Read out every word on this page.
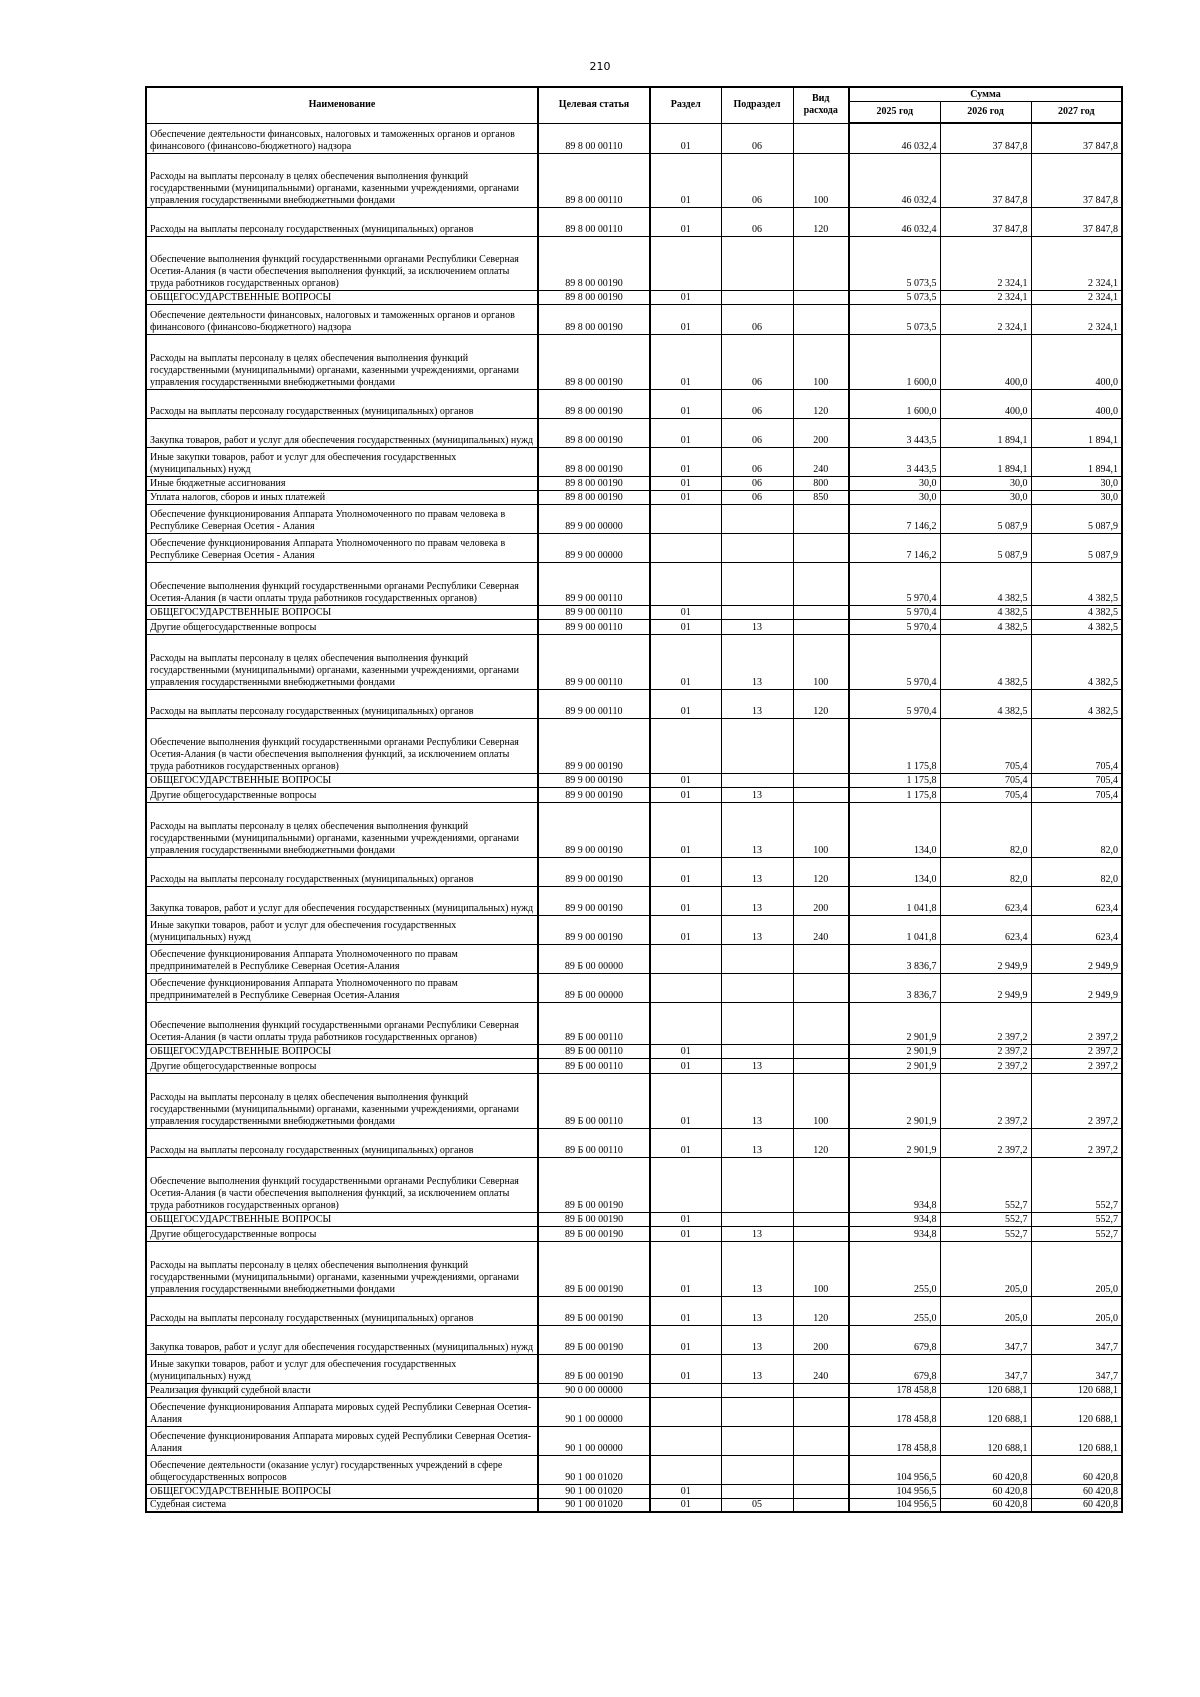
210
Наименование	Целевая статья	Раздел	Подраздел	Вид расхода	Сумма		
					2025 год	2026 год	2027 год
Обеспечение деятельности финансовых, налоговых и таможенных органов и органов финансового (финансово-бюджетного) надзора	89 8 00 00110	01	06		46 032,4	37 847,8	37 847,8
Расходы на выплаты персоналу в целях обеспечения выполнения функций государственными (муниципальными) органами, казенными учреждениями, органами управления государственными внебюджетными фондами	89 8 00 00110	01	06	100	46 032,4	37 847,8	37 847,8
Расходы на выплаты персоналу государственных (муниципальных) органов	89 8 00 00110	01	06	120	46 032,4	37 847,8	37 847,8
Обеспечение выполнения функций государственными органами Республики Северная Осетия-Алания (в части обеспечения выполнения функций, за исключением оплаты труда работников государственных органов)	89 8 00 00190				5 073,5	2 324,1	2 324,1
ОБЩЕГОСУДАРСТВЕННЫЕ ВОПРОСЫ	89 8 00 00190	01			5 073,5	2 324,1	2 324,1
Обеспечение деятельности финансовых, налоговых и таможенных органов и органов финансового (финансово-бюджетного) надзора	89 8 00 00190	01	06		5 073,5	2 324,1	2 324,1
Расходы на выплаты персоналу в целях обеспечения выполнения функций государственными (муниципальными) органами, казенными учреждениями, органами управления государственными внебюджетными фондами	89 8 00 00190	01	06	100	1 600,0	400,0	400,0
Расходы на выплаты персоналу государственных (муниципальных) органов	89 8 00 00190	01	06	120	1 600,0	400,0	400,0
Закупка товаров, работ и услуг для обеспечения государственных (муниципальных) нужд	89 8 00 00190	01	06	200	3 443,5	1 894,1	1 894,1
Иные закупки товаров, работ и услуг для обеспечения государственных (муниципальных) нужд	89 8 00 00190	01	06	240	3 443,5	1 894,1	1 894,1
Иные бюджетные ассигнования	89 8 00 00190	01	06	800	30,0	30,0	30,0
Уплата налогов, сборов и иных платежей	89 8 00 00190	01	06	850	30,0	30,0	30,0
Обеспечение функционирования Аппарата Уполномоченного по правам человека в Республике Северная Осетия - Алания	89 9 00 00000				7 146,2	5 087,9	5 087,9
Обеспечение функционирования Аппарата Уполномоченного по правам человека в Республике Северная Осетия - Алания	89 9 00 00000				7 146,2	5 087,9	5 087,9
Обеспечение выполнения функций государственными органами Республики Северная Осетия-Алания (в части оплаты труда работников государственных органов)	89 9 00 00110				5 970,4	4 382,5	4 382,5
ОБЩЕГОСУДАРСТВЕННЫЕ ВОПРОСЫ	89 9 00 00110	01			5 970,4	4 382,5	4 382,5
Другие общегосударственные вопросы	89 9 00 00110	01	13		5 970,4	4 382,5	4 382,5
Расходы на выплаты персоналу в целях обеспечения выполнения функций государственными (муниципальными) органами, казенными учреждениями, органами управления государственными внебюджетными фондами	89 9 00 00110	01	13	100	5 970,4	4 382,5	4 382,5
Расходы на выплаты персоналу государственных (муниципальных) органов	89 9 00 00110	01	13	120	5 970,4	4 382,5	4 382,5
Обеспечение выполнения функций государственными органами Республики Северная Осетия-Алания (в части обеспечения выполнения функций, за исключением оплаты труда работников государственных органов)	89 9 00 00190				1 175,8	705,4	705,4
ОБЩЕГОСУДАРСТВЕННЫЕ ВОПРОСЫ	89 9 00 00190	01			1 175,8	705,4	705,4
Другие общегосударственные вопросы	89 9 00 00190	01	13		1 175,8	705,4	705,4
Расходы на выплаты персоналу в целях обеспечения выполнения функций государственными (муниципальными) органами, казенными учреждениями, органами управления государственными внебюджетными фондами	89 9 00 00190	01	13	100	134,0	82,0	82,0
Расходы на выплаты персоналу государственных (муниципальных) органов	89 9 00 00190	01	13	120	134,0	82,0	82,0
Закупка товаров, работ и услуг для обеспечения государственных (муниципальных) нужд	89 9 00 00190	01	13	200	1 041,8	623,4	623,4
Иные закупки товаров, работ и услуг для обеспечения государственных (муниципальных) нужд	89 9 00 00190	01	13	240	1 041,8	623,4	623,4
Обеспечение функционирования Аппарата Уполномоченного по правам предпринимателей в Республике Северная Осетия-Алания	89 Б 00 00000				3 836,7	2 949,9	2 949,9
Обеспечение функционирования Аппарата Уполномоченного по правам предпринимателей в Республике Северная Осетия-Алания	89 Б 00 00000				3 836,7	2 949,9	2 949,9
Обеспечение выполнения функций государственными органами Республики Северная Осетия-Алания (в части оплаты труда работников государственных органов)	89 Б 00 00110				2 901,9	2 397,2	2 397,2
ОБЩЕГОСУДАРСТВЕННЫЕ ВОПРОСЫ	89 Б 00 00110	01			2 901,9	2 397,2	2 397,2
Другие общегосударственные вопросы	89 Б 00 00110	01	13		2 901,9	2 397,2	2 397,2
Расходы на выплаты персоналу в целях обеспечения выполнения функций государственными (муниципальными) органами, казенными учреждениями, органами управления государственными внебюджетными фондами	89 Б 00 00110	01	13	100	2 901,9	2 397,2	2 397,2
Расходы на выплаты персоналу государственных (муниципальных) органов	89 Б 00 00110	01	13	120	2 901,9	2 397,2	2 397,2
Обеспечение выполнения функций государственными органами Республики Северная Осетия-Алания (в части обеспечения выполнения функций, за исключением оплаты труда работников государственных органов)	89 Б 00 00190				934,8	552,7	552,7
ОБЩЕГОСУДАРСТВЕННЫЕ ВОПРОСЫ	89 Б 00 00190	01			934,8	552,7	552,7
Другие общегосударственные вопросы	89 Б 00 00190	01	13		934,8	552,7	552,7
Расходы на выплаты персоналу в целях обеспечения выполнения функций государственными (муниципальными) органами, казенными учреждениями, органами управления государственными внебюджетными фондами	89 Б 00 00190	01	13	100	255,0	205,0	205,0
Расходы на выплаты персоналу государственных (муниципальных) органов	89 Б 00 00190	01	13	120	255,0	205,0	205,0
Закупка товаров, работ и услуг для обеспечения государственных (муниципальных) нужд	89 Б 00 00190	01	13	200	679,8	347,7	347,7
Иные закупки товаров, работ и услуг для обеспечения государственных (муниципальных) нужд	89 Б 00 00190	01	13	240	679,8	347,7	347,7
Реализация функций судебной власти	90 0 00 00000				178 458,8	120 688,1	120 688,1
Обеспечение функционирования Аппарата мировых судей Республики Северная Осетия-Алания	90 1 00 00000				178 458,8	120 688,1	120 688,1
Обеспечение функционирования Аппарата мировых судей Республики Северная Осетия-Алания	90 1 00 00000				178 458,8	120 688,1	120 688,1
Обеспечение деятельности (оказание услуг) государственных учреждений в сфере общегосударственных вопросов	90 1 00 01020				104 956,5	60 420,8	60 420,8
ОБЩЕГОСУДАРСТВЕННЫЕ ВОПРОСЫ	90 1 00 01020	01			104 956,5	60 420,8	60 420,8
Судебная система	90 1 00 01020	01	05		104 956,5	60 420,8	60 420,8
